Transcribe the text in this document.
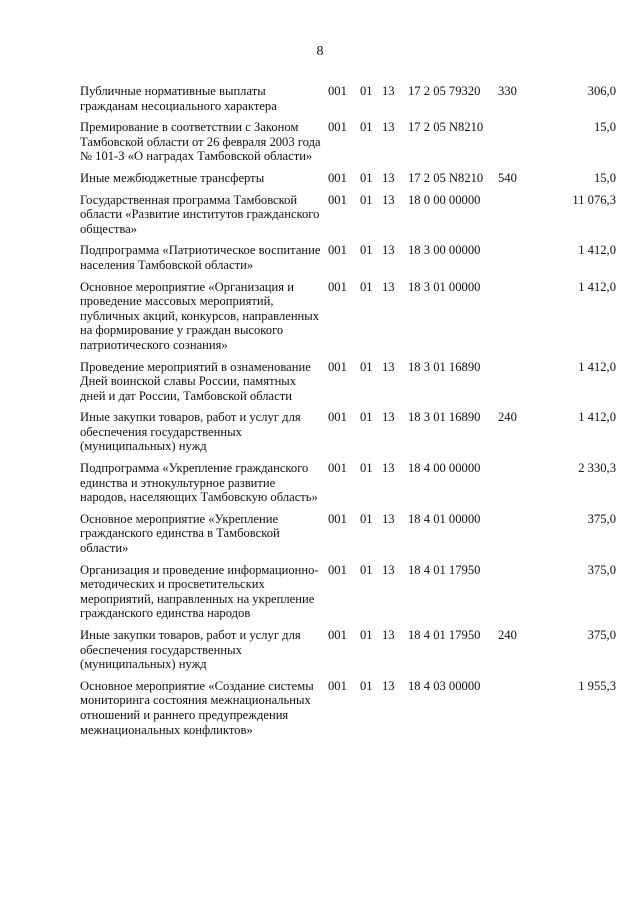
8
Публичные нормативные выплаты гражданам несоциального характера	001	01	13	17 2 05 79320	330	306,0
Премирование в соответствии с Законом Тамбовской области от 26 февраля 2003 года № 101-З «О наградах Тамбовской области»	001	01	13	17 2 05 N8210		15,0
Иные межбюджетные трансферты	001	01	13	17 2 05 N8210	540	15,0
Государственная программа Тамбовской области «Развитие институтов гражданского общества»	001	01	13	18 0 00 00000		11 076,3
Подпрограмма «Патриотическое воспитание населения Тамбовской области»	001	01	13	18 3 00 00000		1 412,0
Основное мероприятие «Организация и проведение массовых мероприятий, публичных акций, конкурсов, направленных на формирование у граждан высокого патриотического сознания»	001	01	13	18 3 01 00000		1 412,0
Проведение мероприятий в ознаменование Дней воинской славы России, памятных дней и дат России, Тамбовской области	001	01	13	18 3 01 16890		1 412,0
Иные закупки товаров, работ и услуг для обеспечения государственных (муниципальных) нужд	001	01	13	18 3 01 16890	240	1 412,0
Подпрограмма «Укрепление гражданского единства и этнокультурное развитие народов, населяющих Тамбовскую область»	001	01	13	18 4 00 00000		2 330,3
Основное мероприятие «Укрепление гражданского единства в Тамбовской области»	001	01	13	18 4 01 00000		375,0
Организация и проведение информационно-методических и просветительских мероприятий, направленных на укрепление гражданского единства народов	001	01	13	18 4 01 17950		375,0
Иные закупки товаров, работ и услуг для обеспечения государственных (муниципальных) нужд	001	01	13	18 4 01 17950	240	375,0
Основное мероприятие «Создание системы мониторинга состояния межнациональных отношений и раннего предупреждения межнациональных конфликтов»	001	01	13	18 4 03 00000		1 955,3
